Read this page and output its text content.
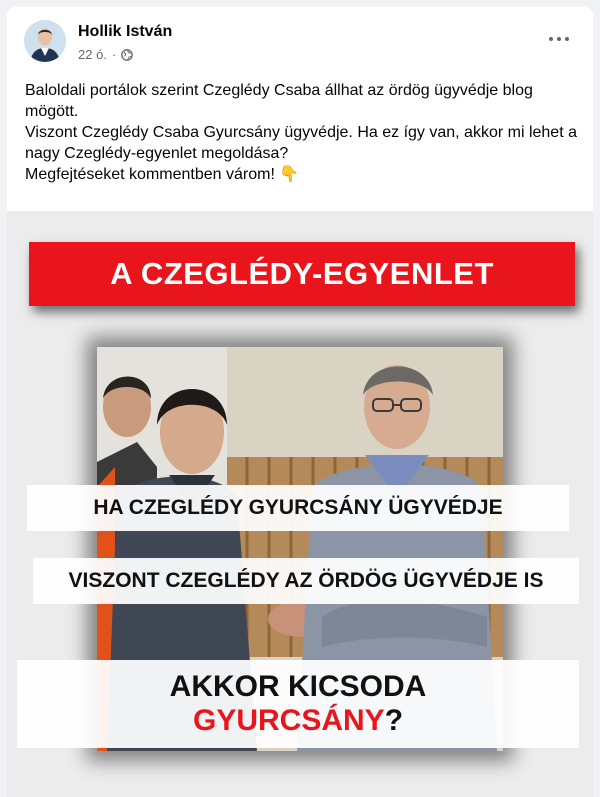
Hollik István
22 ó. ·

Baloldali portálok szerint Czeglédy Csaba állhat az ördög ügyvédje blog mögött.

Viszont Czeglédy Csaba Gyurcsány ügyvédje. Ha ez így van, akkor mi lehet a nagy Czeglédy-egyenlet megoldása?

Megfejtéseket kommentben várom! 👇

A CZEGLÉDY-EGYENLET
HA CZEGLÉDY GYURCSÁNY ÜGYVÉDJE
VISZONT CZEGLÉDY AZ ÖRDÖG ÜGYVÉDJE IS
AKKOR KICSODA
GYURCSÁNY?
